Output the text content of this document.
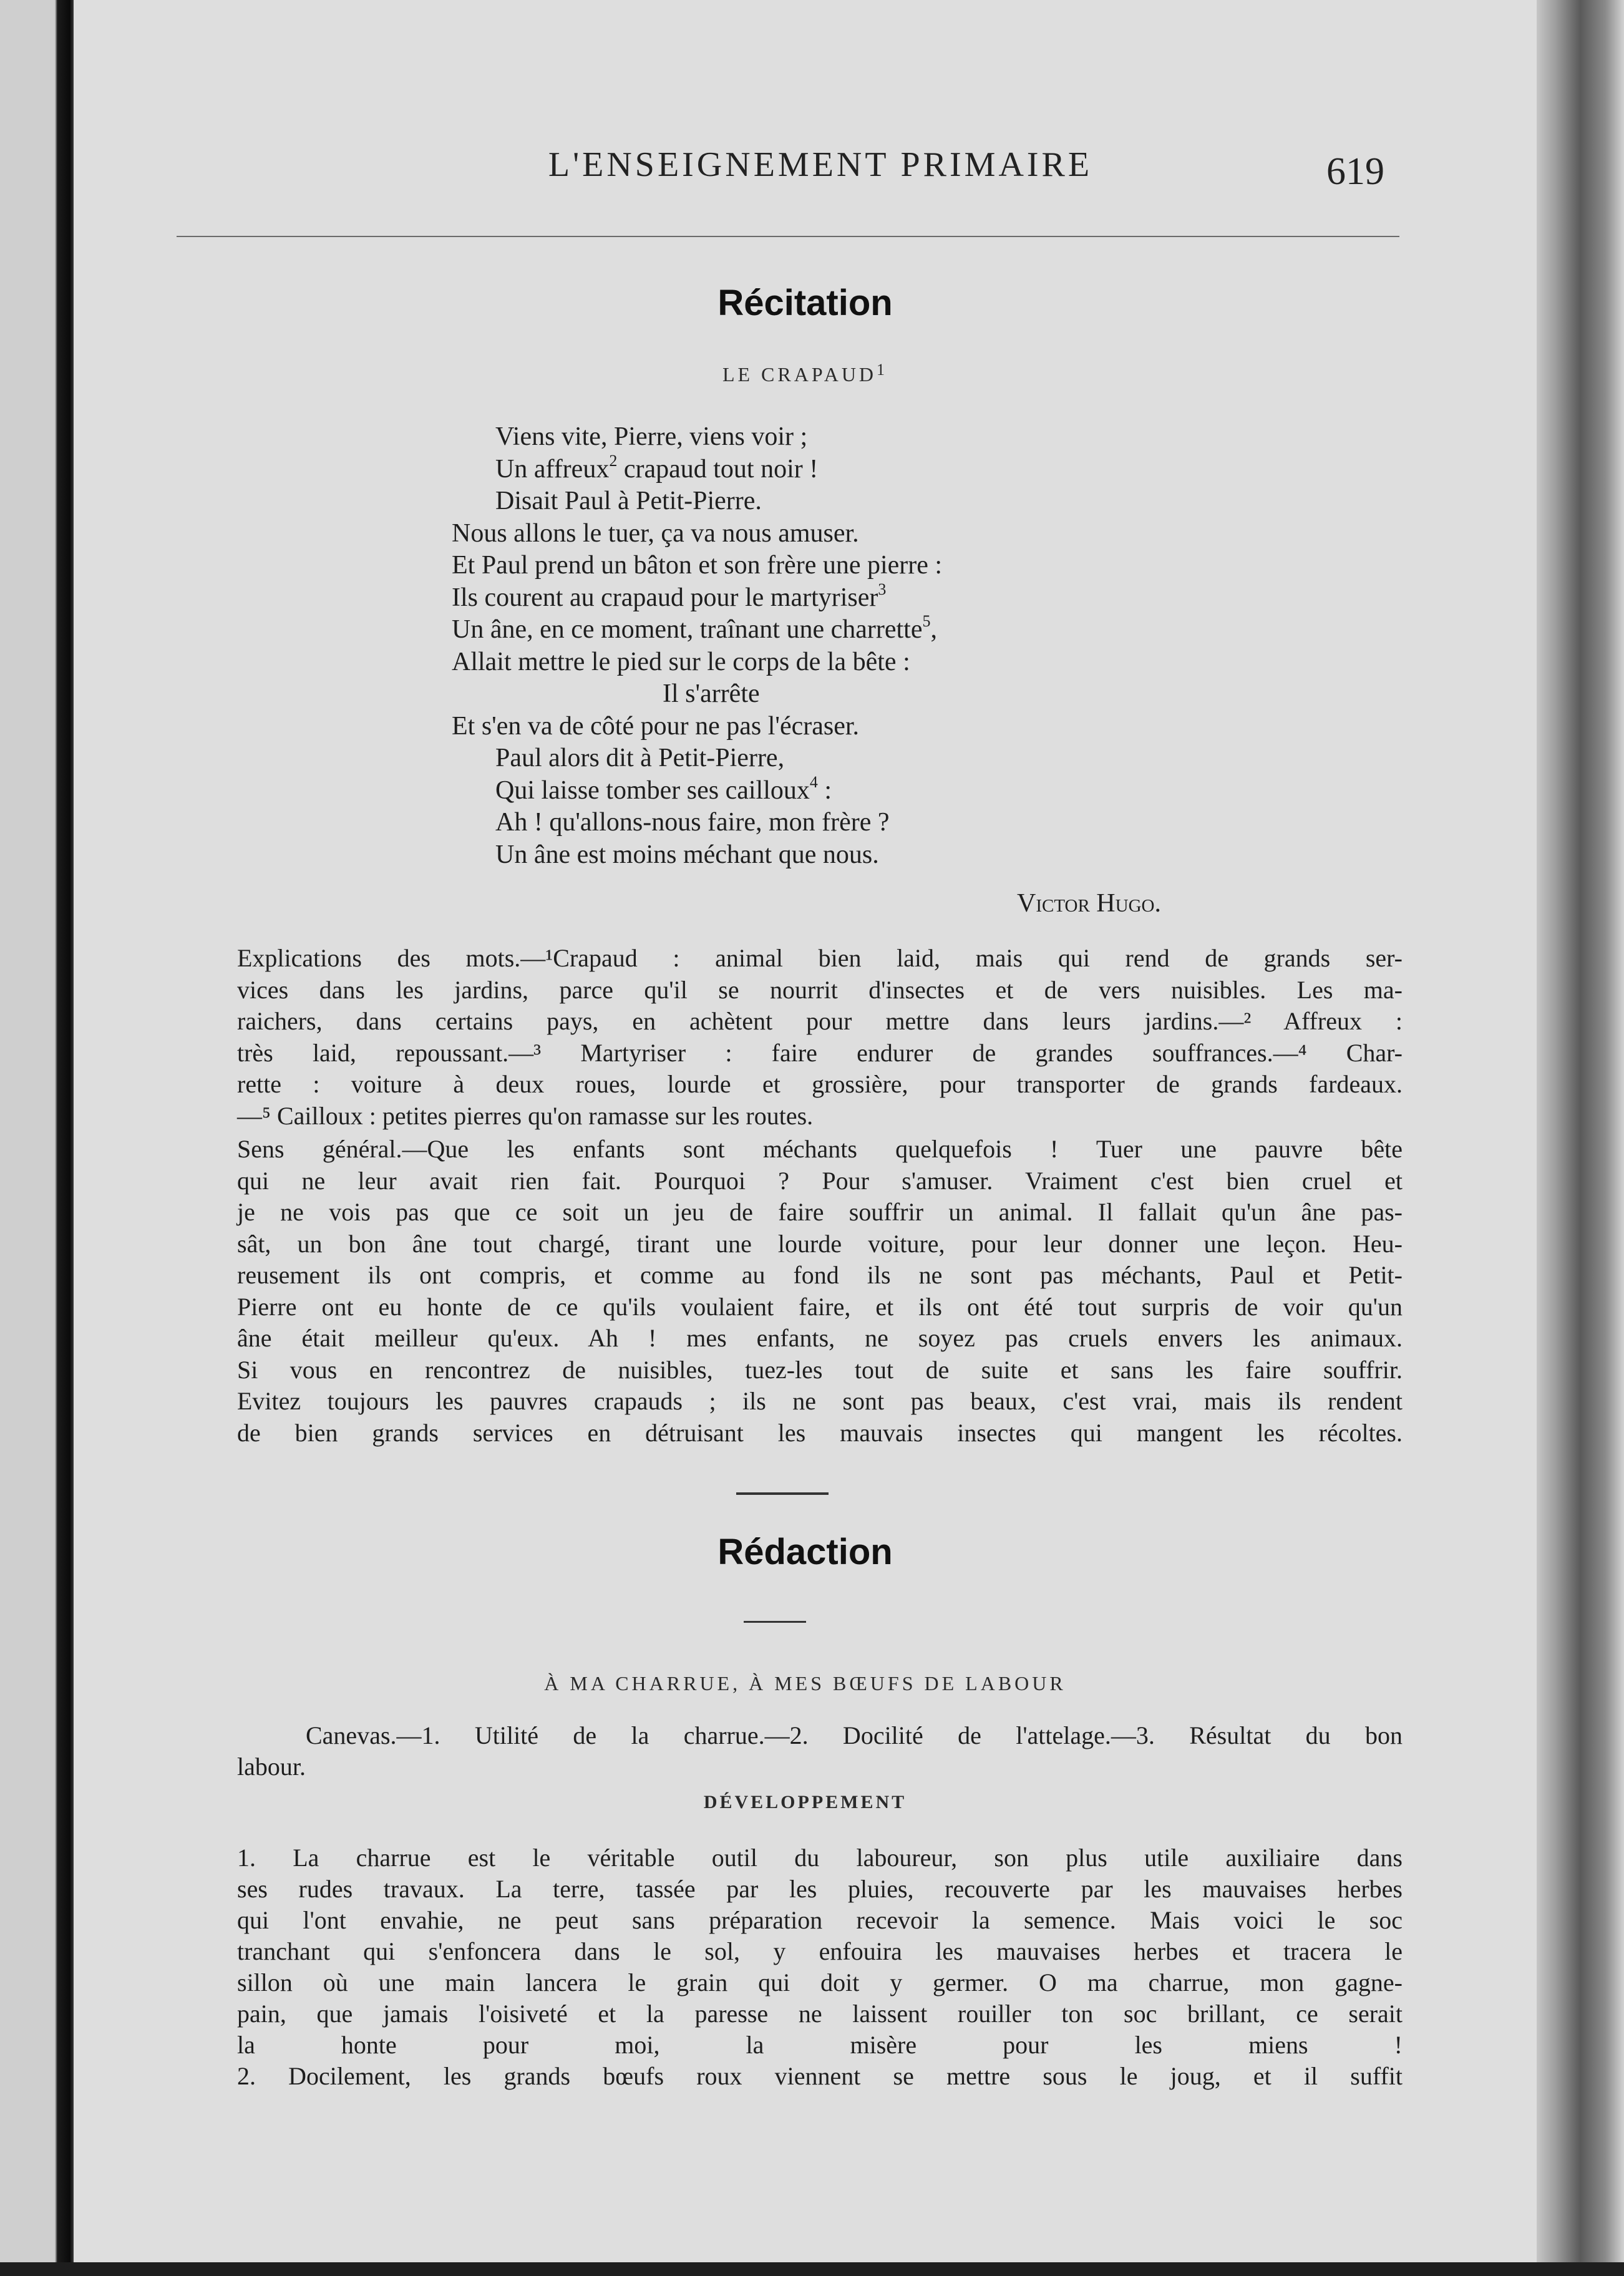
L'ENSEIGNEMENT PRIMAIRE	619
Récitation
LE CRAPAUD1
Viens vite, Pierre, viens voir ;
Un affreux2 crapaud tout noir !
Disait Paul à Petit-Pierre.
Nous allons le tuer, ça va nous amuser.
Et Paul prend un bâton et son frère une pierre :
Ils courent au crapaud pour le martyriser3
Un âne, en ce moment, traînant une charrette5,
Allait mettre le pied sur le corps de la bête :
Il s'arrête
Et s'en va de côté pour ne pas l'écraser.
Paul alors dit à Petit-Pierre,
Qui laisse tomber ses cailloux4 :
Ah ! qu'allons-nous faire, mon frère ?
Un âne est moins méchant que nous.
Victor Hugo.
Explications des mots.—¹Crapaud : animal bien laid, mais qui rend de grands ser-
vices dans les jardins, parce qu'il se nourrit d'insectes et de vers nuisibles. Les ma-
raichers, dans certains pays, en achètent pour mettre dans leurs jardins.—² Affreux :
très laid, repoussant.—³ Martyriser : faire endurer de grandes souffrances.—⁴ Char-
rette : voiture à deux roues, lourde et grossière, pour transporter de grands fardeaux.
—⁵ Cailloux : petites pierres qu'on ramasse sur les routes.
Sens général.—Que les enfants sont méchants quelquefois ! Tuer une pauvre bête
qui ne leur avait rien fait. Pourquoi ? Pour s'amuser. Vraiment c'est bien cruel et
je ne vois pas que ce soit un jeu de faire souffrir un animal. Il fallait qu'un âne pas-
sât, un bon âne tout chargé, tirant une lourde voiture, pour leur donner une leçon. Heu-
reusement ils ont compris, et comme au fond ils ne sont pas méchants, Paul et Petit-
Pierre ont eu honte de ce qu'ils voulaient faire, et ils ont été tout surpris de voir qu'un
âne était meilleur qu'eux. Ah ! mes enfants, ne soyez pas cruels envers les animaux.
Si vous en rencontrez de nuisibles, tuez-les tout de suite et sans les faire souffrir.
Evitez toujours les pauvres crapauds ; ils ne sont pas beaux, c'est vrai, mais ils rendent
de bien grands services en détruisant les mauvais insectes qui mangent les récoltes.
Rédaction
À MA CHARRUE, À MES BŒUFS DE LABOUR
Canevas.—1. Utilité de la charrue.—2. Docilité de l'attelage.—3. Résultat du bon
labour.
DÉVELOPPEMENT
1. La charrue est le véritable outil du laboureur, son plus utile auxiliaire dans
ses rudes travaux. La terre, tassée par les pluies, recouverte par les mauvaises herbes
qui l'ont envahie, ne peut sans préparation recevoir la semence. Mais voici le soc
tranchant qui s'enfoncera dans le sol, y enfouira les mauvaises herbes et tracera le
sillon où une main lancera le grain qui doit y germer. O ma charrue, mon gagne-
pain, que jamais l'oisiveté et la paresse ne laissent rouiller ton soc brillant, ce serait
la honte pour moi, la misère pour les miens !
2. Docilement, les grands bœufs roux viennent se mettre sous le joug, et il suffit
